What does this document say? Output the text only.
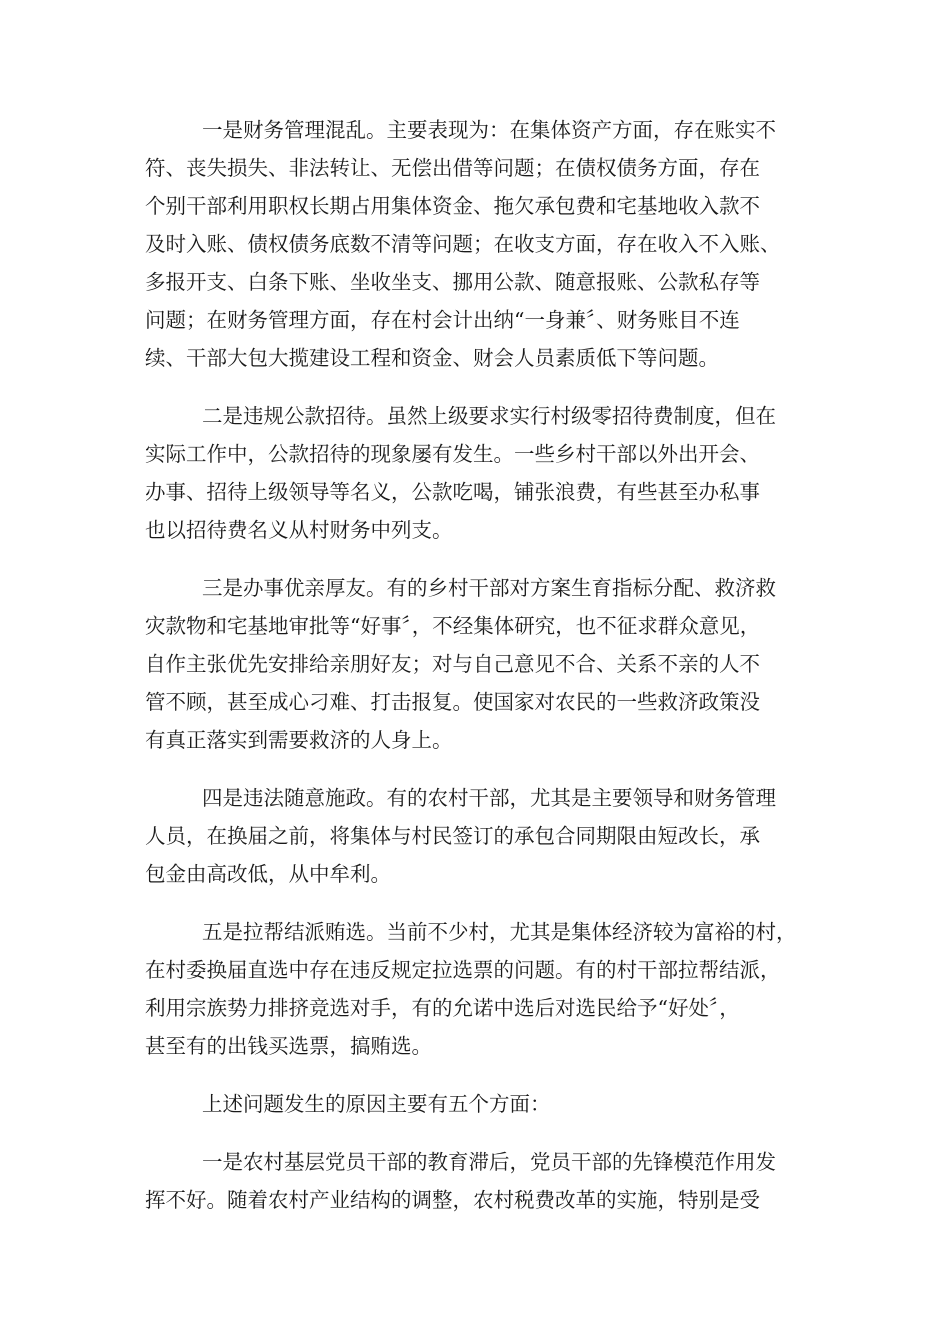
一是财务管理混乱。主要表现为：在集体资产方面，存在账实不

符、丧失损失、非法转让、无偿出借等问题；在债权债务方面，存在

个别干部利用职权长期占用集体资金、拖欠承包费和宅基地收入款不

及时入账、债权债务底数不清等问题；在收支方面，存在收入不入账、

多报开支、白条下账、坐收坐支、挪用公款、随意报账、公款私存等

问题；在财务管理方面，存在村会计出纳“一身兼〞、财务账目不连

续、干部大包大揽建设工程和资金、财会人员素质低下等问题。

二是违规公款招待。虽然上级要求实行村级零招待费制度，但在

实际工作中，公款招待的现象屡有发生。一些乡村干部以外出开会、

办事、招待上级领导等名义，公款吃喝，铺张浪费，有些甚至办私事

也以招待费名义从村财务中列支。

三是办事优亲厚友。有的乡村干部对方案生育指标分配、救济救

灾款物和宅基地审批等“好事〞，不经集体研究，也不征求群众意见，

自作主张优先安排给亲朋好友；对与自己意见不合、关系不亲的人不

管不顾，甚至成心刁难、打击报复。使国家对农民的一些救济政策没

有真正落实到需要救济的人身上。

四是违法随意施政。有的农村干部，尤其是主要领导和财务管理

人员，在换届之前，将集体与村民签订的承包合同期限由短改长，承

包金由高改低，从中牟利。

五是拉帮结派贿选。当前不少村，尤其是集体经济较为富裕的村，

在村委换届直选中存在违反规定拉选票的问题。有的村干部拉帮结派，

利用宗族势力排挤竞选对手，有的允诺中选后对选民给予“好处〞，

甚至有的出钱买选票，搞贿选。

上述问题发生的原因主要有五个方面：

一是农村基层党员干部的教育滞后，党员干部的先锋模范作用发

挥不好。随着农村产业结构的调整，农村税费改革的实施，特别是受
